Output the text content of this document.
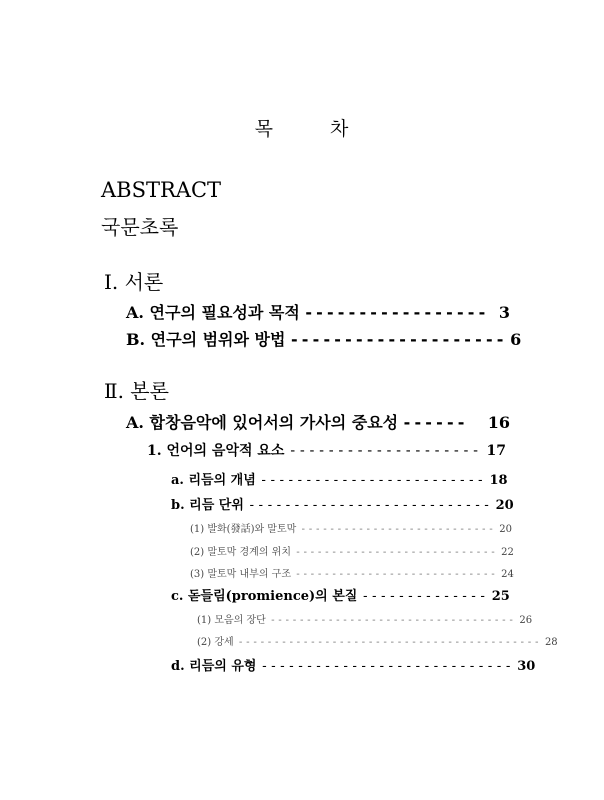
목	차
ABSTRACT
국문초록
I. 서론
A. 연구의 필요성과 목적 ----------------- 3
B. 연구의 범위와 방법 -------------------- 6
Ⅱ. 본론
A. 합창음악에 있어서의 가사의 중요성 ------	16
1. 언어의 음악적 요소 -------------------- 17
a. 리듬의 개념 ------------------------- 18
b. 리듬 단위 --------------------------- 20
(1) 발화(發話)와 말토막 --------------------------- 20
(2) 말토막 경계의 위치 ---------------------------- 22
(3) 말토막 내부의 구조 ---------------------------- 24
c. 돋들림(promience)의 본질 -------------- 25
(1) 모음의 장단 ---------------------------------- 26
(2) 강세 ------------------------------------------ 28
d. 리듬의 유형 ---------------------------- 30
